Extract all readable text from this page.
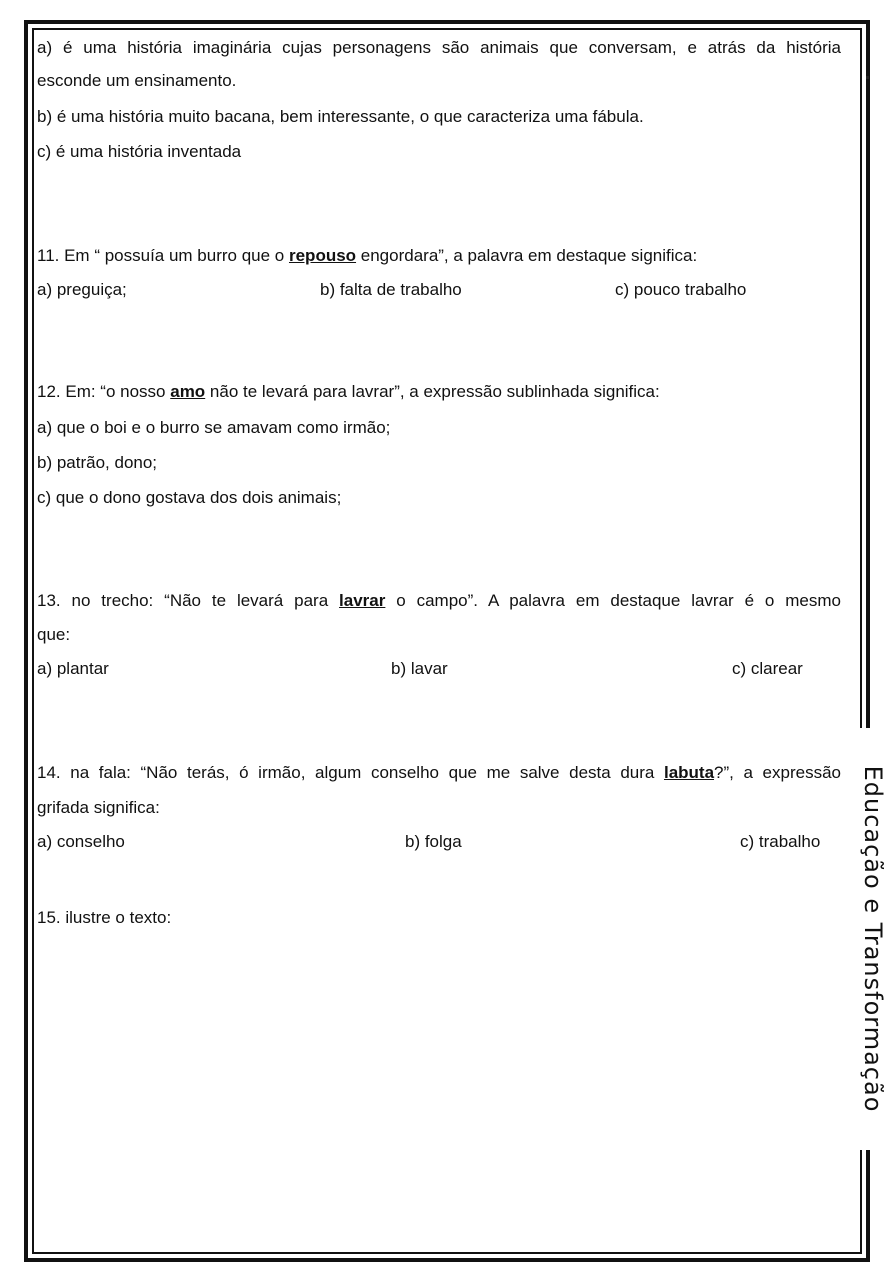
a) é uma história imaginária cujas personagens são animais que conversam, e atrás da história
esconde um ensinamento.
b) é uma história muito bacana, bem interessante, o que caracteriza uma fábula.
c) é uma história inventada
11. Em “ possuía um burro que o repouso engordara”, a palavra em destaque significa:
a) preguiça;	b) falta de trabalho	c) pouco trabalho
12. Em: “o nosso amo não te levará para lavrar”, a expressão sublinhada significa:
a) que o boi e o burro se amavam como irmão;
b) patrão, dono;
c) que o dono gostava dos dois animais;
13. no trecho: “Não te levará para lavrar o campo”. A palavra em destaque lavrar é o mesmo
que:
a) plantar	b) lavar	c) clarear
14. na fala: “Não terás, ó irmão, algum conselho que me salve desta dura labuta?”, a expressão
grifada significa:
a) conselho	b) folga	c) trabalho
15. ilustre o texto:	Educação e Transformação
